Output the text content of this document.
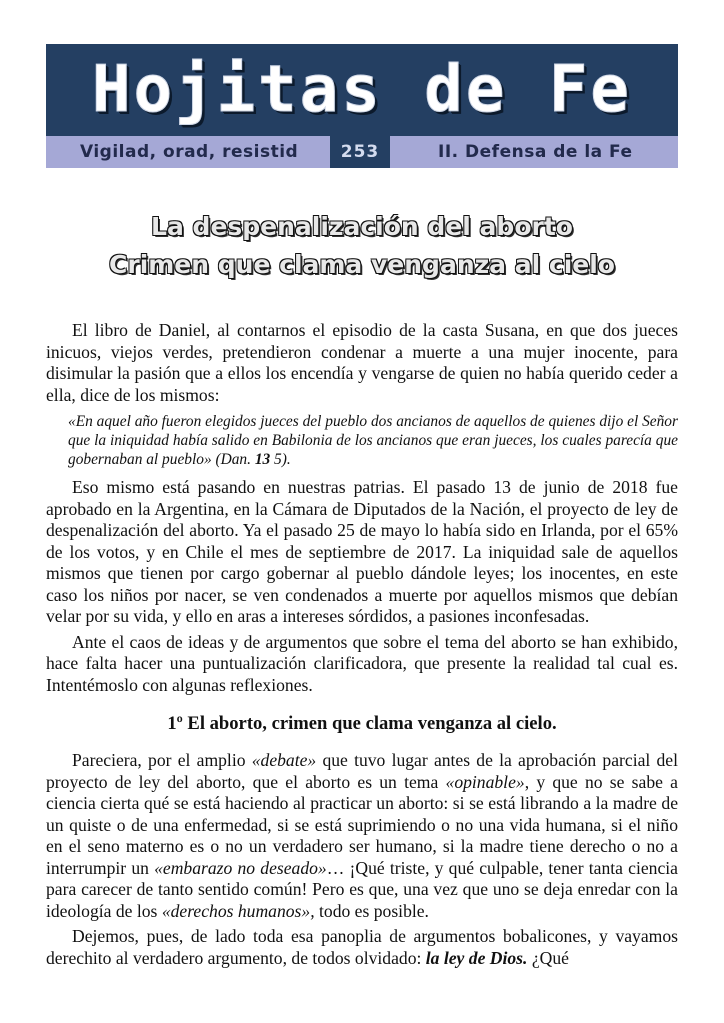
Hojitas de Fe
Vigilad, orad, resistid	253	II. Defensa de la Fe
La despenalización del aborto
Crimen que clama venganza al cielo

El libro de Daniel, al contarnos el episodio de la casta Susana, en que dos jueces inicuos, viejos verdes, pretendieron condenar a muerte a una mujer inocente, para disimular la pasión que a ellos los encendía y vengarse de quien no había querido ceder a ella, dice de los mismos:

«En aquel año fueron elegidos jueces del pueblo dos ancianos de aquellos de quienes dijo el Señor que la iniquidad había salido en Babilonia de los ancianos que eran jueces, los cuales parecía que gobernaban al pueblo» (Dan. 13 5).

Eso mismo está pasando en nuestras patrias. El pasado 13 de junio de 2018 fue aprobado en la Argentina, en la Cámara de Diputados de la Nación, el proyecto de ley de despenalización del aborto. Ya el pasado 25 de mayo lo había sido en Irlanda, por el 65% de los votos, y en Chile el mes de septiembre de 2017. La iniquidad sale de aquellos mismos que tienen por cargo gobernar al pueblo dándole leyes; los inocentes, en este caso los niños por nacer, se ven condenados a muerte por aquellos mismos que debían velar por su vida, y ello en aras a intereses sórdidos, a pasiones inconfesadas.

Ante el caos de ideas y de argumentos que sobre el tema del aborto se han exhibido, hace falta hacer una puntualización clarificadora, que presente la realidad tal cual es. Intentémoslo con algunas reflexiones.

1º El aborto, crimen que clama venganza al cielo.

Pareciera, por el amplio «debate» que tuvo lugar antes de la aprobación parcial del proyecto de ley del aborto, que el aborto es un tema «opinable», y que no se sabe a ciencia cierta qué se está haciendo al practicar un aborto: si se está librando a la madre de un quiste o de una enfermedad, si se está suprimiendo o no una vida humana, si el niño en el seno materno es o no un verdadero ser humano, si la madre tiene derecho o no a interrumpir un «embarazo no deseado»… ¡Qué triste, y qué culpable, tener tanta ciencia para carecer de tanto sentido común! Pero es que, una vez que uno se deja enredar con la ideología de los «derechos humanos», todo es posible.

Dejemos, pues, de lado toda esa panoplia de argumentos bobalicones, y vayamos derechito al verdadero argumento, de todos olvidado: la ley de Dios. ¿Qué
